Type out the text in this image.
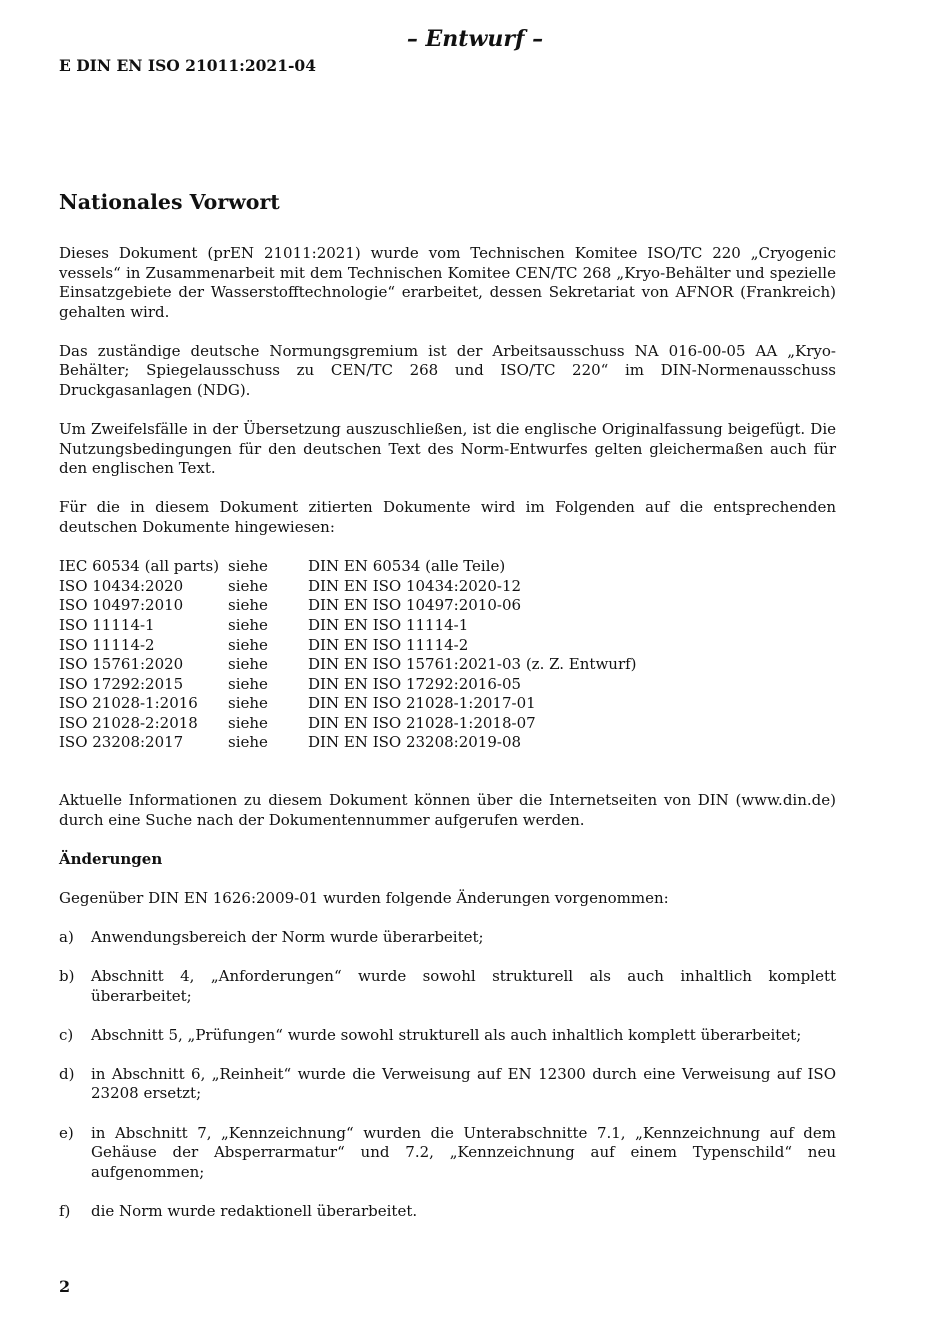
– Entwurf –
E DIN EN ISO 21011:2021-04
Nationales Vorwort

Dieses Dokument (prEN 21011:2021) wurde vom Technischen Komitee ISO/TC 220 „Cryogenic vessels“ in Zusammenarbeit mit dem Technischen Komitee CEN/TC 268 „Kryo-Behälter und spezielle Einsatzgebiete der Wasserstofftechnologie“ erarbeitet, dessen Sekretariat von AFNOR (Frankreich) gehalten wird.

Das zuständige deutsche Normungsgremium ist der Arbeitsausschuss NA 016-00-05 AA „Kryo-Behälter; Spiegelausschuss zu CEN/TC 268 und ISO/TC 220“ im DIN-Normenausschuss Druckgasanlagen (NDG).

Um Zweifelsfälle in der Übersetzung auszuschließen, ist die englische Originalfassung beigefügt. Die Nutzungsbedingungen für den deutschen Text des Norm-Entwurfes gelten gleichermaßen auch für den englischen Text.

Für die in diesem Dokument zitierten Dokumente wird im Folgenden auf die entsprechenden deutschen Dokumente hingewiesen:

IEC 60534 (all parts)	siehe	DIN EN 60534 (alle Teile)
ISO 10434:2020	siehe	DIN EN ISO 10434:2020-12
ISO 10497:2010	siehe	DIN EN ISO 10497:2010-06
ISO 11114-1	siehe	DIN EN ISO 11114-1
ISO 11114-2	siehe	DIN EN ISO 11114-2
ISO 15761:2020	siehe	DIN EN ISO 15761:2021-03 (z. Z. Entwurf)
ISO 17292:2015	siehe	DIN EN ISO 17292:2016-05
ISO 21028-1:2016	siehe	DIN EN ISO 21028-1:2017-01
ISO 21028-2:2018	siehe	DIN EN ISO 21028-1:2018-07
ISO 23208:2017	siehe	DIN EN ISO 23208:2019-08

Aktuelle Informationen zu diesem Dokument können über die Internetseiten von DIN (www.din.de) durch eine Suche nach der Dokumentennummer aufgerufen werden.

Änderungen

Gegenüber DIN EN 1626:2009-01 wurden folgende Änderungen vorgenommen:

a)	Anwendungsbereich der Norm wurde überarbeitet;
b)	Abschnitt 4, „Anforderungen“ wurde sowohl strukturell als auch inhaltlich komplett überarbeitet;
c)	Abschnitt 5, „Prüfungen“ wurde sowohl strukturell als auch inhaltlich komplett überarbeitet;
d)	in Abschnitt 6, „Reinheit“ wurde die Verweisung auf EN 12300 durch eine Verweisung auf ISO 23208 ersetzt;
e)	in Abschnitt 7, „Kennzeichnung“ wurden die Unterabschnitte 7.1, „Kennzeichnung auf dem Gehäuse der Absperrarmatur“ und 7.2, „Kennzeichnung auf einem Typenschild“ neu aufgenommen;
f)	die Norm wurde redaktionell überarbeitet.
2
